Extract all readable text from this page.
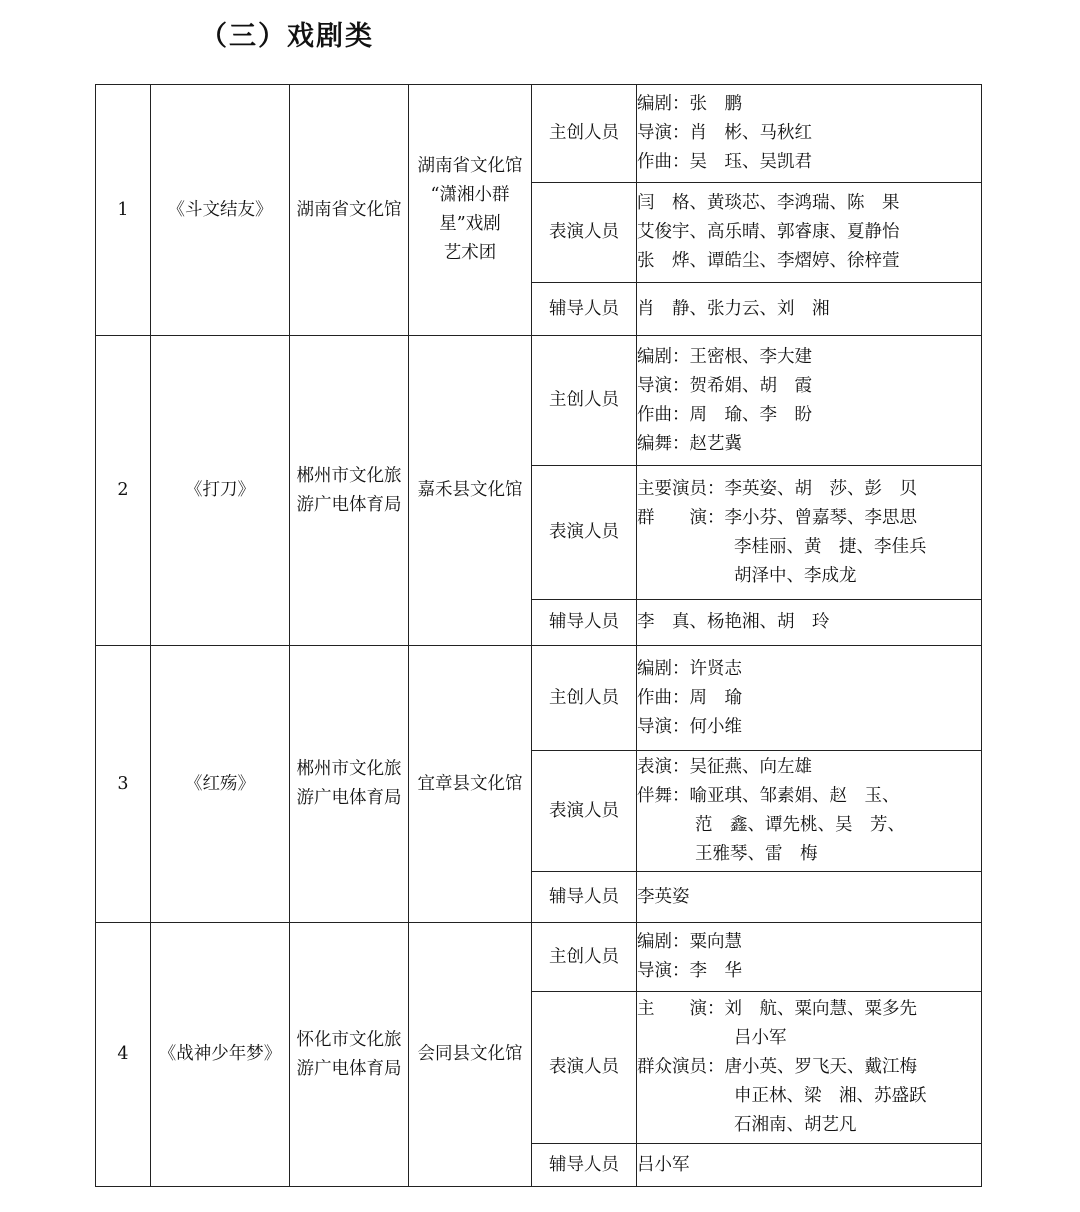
（三）戏剧类
1	《斗文结友》	湖南省文化馆	湖南省文化馆
“潇湘小群
星”戏剧
艺术团	主创人员	编剧：张　鹏
导演：肖　彬、马秋红
作曲：吴　珏、吴凯君

				表演人员	闫　格、黄琰芯、李鸿瑞、陈　果
艾俊宇、高乐晴、郭睿康、夏静怡
张　烨、谭皓尘、李熠婷、徐梓萱

				辅导人员	肖　静、张力云、刘　湘
2	《打刀》	郴州市文化旅
游广电体育局	嘉禾县文化馆	主创人员	编剧：王密根、李大建
导演：贺希娟、胡　霞
作曲：周　瑜、李　盼
编舞：赵艺冀

				表演人员	主要演员：李英姿、胡　莎、彭　贝
群　　演：李小芬、曾嘉琴、李思思
李桂丽、黄　捷、李佳兵
胡泽中、李成龙

				辅导人员	李　真、杨艳湘、胡　玲
3	《红殇》	郴州市文化旅
游广电体育局	宜章县文化馆	主创人员	编剧：许贤志
作曲：周　瑜
导演：何小维

				表演人员	表演：吴征燕、向左雄
伴舞：喻亚琪、邹素娟、赵　玉、
范　鑫、谭先桃、吴　芳、
王雅琴、雷　梅

				辅导人员	李英姿
4	《战神少年梦》	怀化市文化旅
游广电体育局	会同县文化馆	主创人员	编剧：粟向慧
导演：李　华

				表演人员	主　　演：刘　航、粟向慧、粟多先
吕小军
群众演员：唐小英、罗飞天、戴江梅
申正林、梁　湘、苏盛跃
石湘南、胡艺凡

				辅导人员	吕小军
